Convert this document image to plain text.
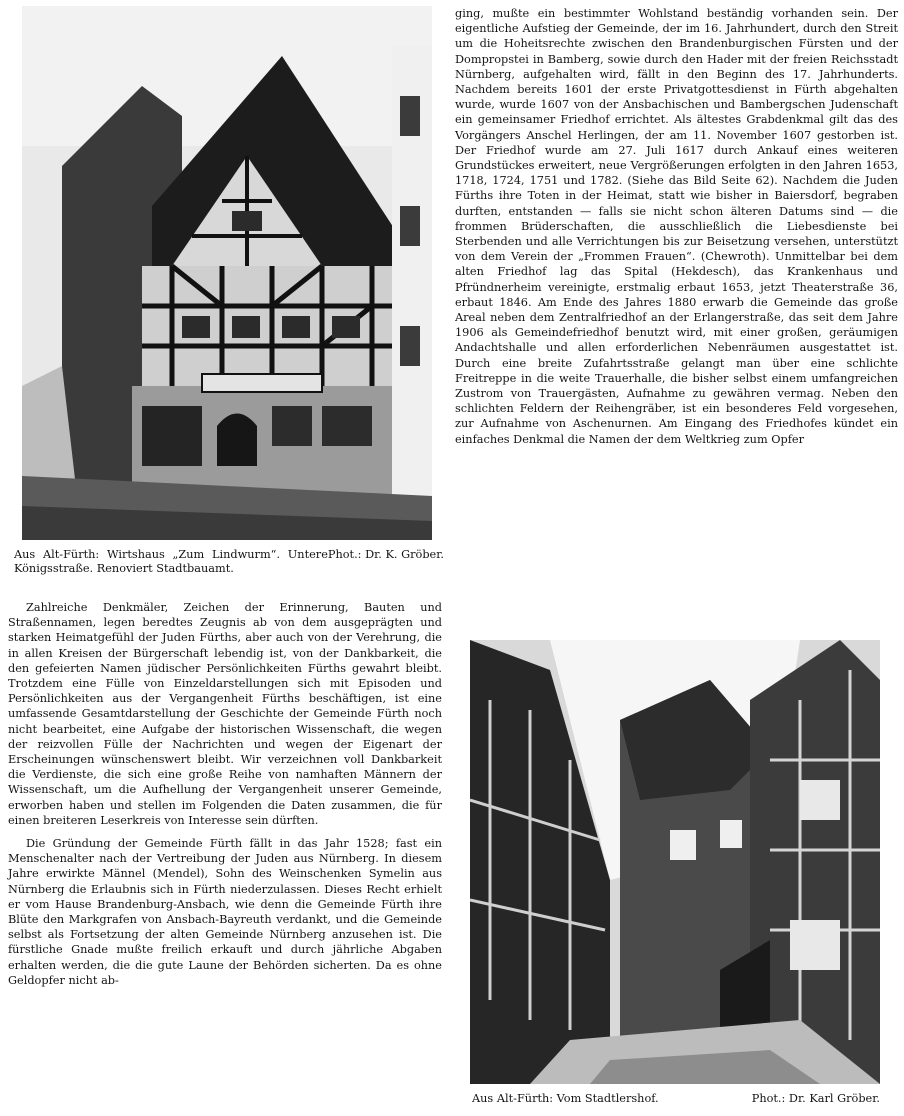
Phot.: Dr. K. Gröber.
Aus Alt-Fürth: Wirtshaus „Zum Lindwurm“. Untere Königsstraße. Renoviert Stadtbauamt.

Zahlreiche Denkmäler, Zeichen der Erinnerung, Bauten und Straßennamen, legen beredtes Zeugnis ab von dem ausgeprägten und starken Heimatgefühl der Juden Fürths, aber auch von der Verehrung, die in allen Kreisen der Bürgerschaft lebendig ist, von der Dankbarkeit, die den gefeierten Namen jüdischer Persönlichkeiten Fürths gewahrt bleibt. Trotzdem eine Fülle von Einzeldarstellungen sich mit Episoden und Persönlichkeiten aus der Vergangenheit Fürths beschäftigen, ist eine umfassende Gesamtdarstellung der Geschichte der Gemeinde Fürth noch nicht bearbeitet, eine Aufgabe der historischen Wissenschaft, die wegen der reizvollen Fülle der Nachrichten und wegen der Eigenart der Erscheinungen wünschenswert bleibt. Wir verzeichnen voll Dankbarkeit die Verdienste, die sich eine große Reihe von namhaften Männern der Wissenschaft, um die Aufhellung der Vergangenheit unserer Gemeinde, erworben haben und stellen im Folgenden die Daten zusammen, die für einen breiteren Leserkreis von Interesse sein dürften.

Die Gründung der Gemeinde Fürth fällt in das Jahr 1528; fast ein Menschenalter nach der Vertreibung der Juden aus Nürnberg. In diesem Jahre erwirkte Männel (Mendel), Sohn des Weinschenken Symelin aus Nürnberg die Erlaubnis sich in Fürth niederzulassen. Dieses Recht erhielt er vom Hause Brandenburg-Ansbach, wie denn die Gemeinde Fürth ihre Blüte den Markgrafen von Ansbach-Bayreuth verdankt, und die Gemeinde selbst als Fortsetzung der alten Gemeinde Nürnberg anzusehen ist. Die fürstliche Gnade mußte freilich erkauft und durch jährliche Abgaben erhalten werden, die die gute Laune der Behörden sicherten. Da es ohne Geldopfer nicht ab-

ging, mußte ein bestimmter Wohlstand beständig vorhanden sein. Der eigentliche Aufstieg der Gemeinde, der im 16. Jahrhundert, durch den Streit um die Hoheitsrechte zwischen den Brandenburgischen Fürsten und der Dompropstei in Bamberg, sowie durch den Hader mit der freien Reichsstadt Nürnberg, aufgehalten wird, fällt in den Beginn des 17. Jahrhunderts. Nachdem bereits 1601 der erste Privatgottesdienst in Fürth abgehalten wurde, wurde 1607 von der Ansbachischen und Bambergschen Judenschaft ein gemeinsamer Friedhof errichtet. Als ältestes Grabdenkmal gilt das des Vorgängers Anschel Herlingen, der am 11. November 1607 gestorben ist. Der Friedhof wurde am 27. Juli 1617 durch Ankauf eines weiteren Grundstückes erweitert, neue Vergrößerungen erfolgten in den Jahren 1653, 1718, 1724, 1751 und 1782. (Siehe das Bild Seite 62). Nachdem die Juden Fürths ihre Toten in der Heimat, statt wie bisher in Baiersdorf, begraben durften, entstanden — falls sie nicht schon älteren Datums sind — die frommen Brüderschaften, die ausschließlich die Liebesdienste bei Sterbenden und alle Verrichtungen bis zur Beisetzung versehen, unterstützt von dem Verein der „Frommen Frauen“. (Chewroth). Unmittelbar bei dem alten Friedhof lag das Spital (Hekdesch), das Krankenhaus und Pfründnerheim vereinigte, erstmalig erbaut 1653, jetzt Theaterstraße 36, erbaut 1846. Am Ende des Jahres 1880 erwarb die Gemeinde das große Areal neben dem Zentralfriedhof an der Erlangerstraße, das seit dem Jahre 1906 als Gemeindefriedhof benutzt wird, mit einer großen, geräumigen Andachtshalle und allen erforderlichen Nebenräumen ausgestattet ist. Durch eine breite Zufahrtsstraße gelangt man über eine schlichte Freitreppe in die weite Trauerhalle, die bisher selbst einem umfangreichen Zustrom von Trauergästen, Aufnahme zu gewähren vermag. Neben den schlichten Feldern der Reihengräber, ist ein besonderes Feld vorgesehen, zur Aufnahme von Aschenurnen. Am Eingang des Friedhofes kündet ein einfaches Denkmal die Namen der dem Weltkrieg zum Opfer

Phot.: Dr. Karl Gröber.
Aus Alt-Fürth: Vom Stadtlershof.
